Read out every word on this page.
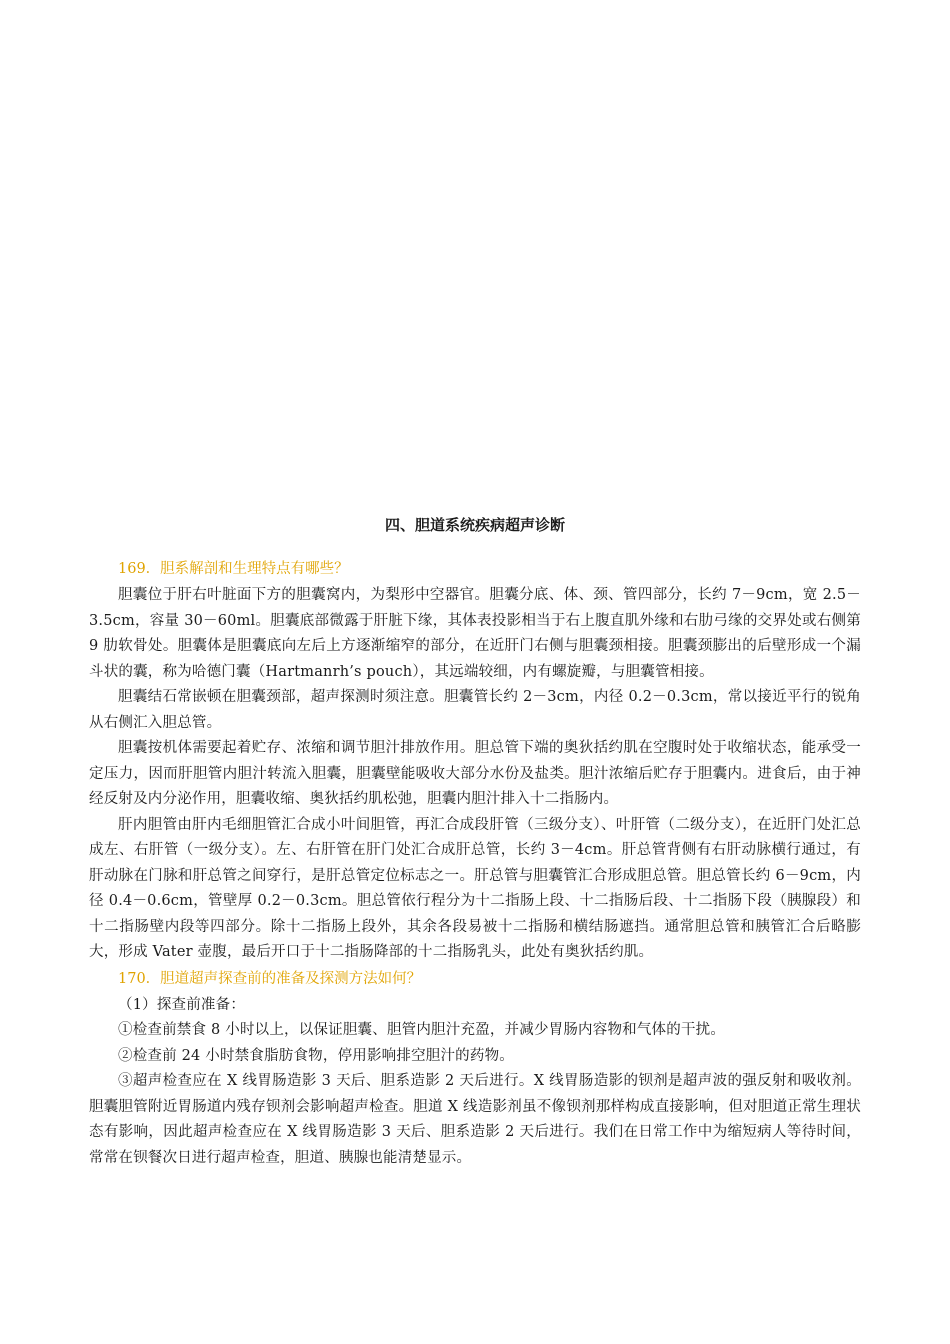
四、胆道系统疾病超声诊断

169．胆系解剖和生理特点有哪些？

胆囊位于肝右叶脏面下方的胆囊窝内，为梨形中空器官。胆囊分底、体、颈、管四部分，长约 7－9cm，宽 2.5－3.5cm，容量 30－60ml。胆囊底部微露于肝脏下缘，其体表投影相当于右上腹直肌外缘和右肋弓缘的交界处或右侧第 9 肋软骨处。胆囊体是胆囊底向左后上方逐渐缩窄的部分，在近肝门右侧与胆囊颈相接。胆囊颈膨出的后壁形成一个漏斗状的囊，称为哈德门囊（Hartmanrh’s pouch），其远端较细，内有螺旋瓣，与胆囊管相接。

胆囊结石常嵌顿在胆囊颈部，超声探测时须注意。胆囊管长约 2－3cm，内径 0.2－0.3cm，常以接近平行的锐角从右侧汇入胆总管。

胆囊按机体需要起着贮存、浓缩和调节胆汁排放作用。胆总管下端的奥狄括约肌在空腹时处于收缩状态，能承受一定压力，因而肝胆管内胆汁转流入胆囊，胆囊壁能吸收大部分水份及盐类。胆汁浓缩后贮存于胆囊内。进食后，由于神经反射及内分泌作用，胆囊收缩、奥狄括约肌松弛，胆囊内胆汁排入十二指肠内。

肝内胆管由肝内毛细胆管汇合成小叶间胆管，再汇合成段肝管（三级分支）、叶肝管（二级分支），在近肝门处汇总成左、右肝管（一级分支）。左、右肝管在肝门处汇合成肝总管，长约 3－4cm。肝总管背侧有右肝动脉横行通过，有肝动脉在门脉和肝总管之间穿行，是肝总管定位标志之一。肝总管与胆囊管汇合形成胆总管。胆总管长约 6－9cm，内径 0.4－0.6cm，管壁厚 0.2－0.3cm。胆总管依行程分为十二指肠上段、十二指肠后段、十二指肠下段（胰腺段）和十二指肠壁内段等四部分。除十二指肠上段外，其余各段易被十二指肠和横结肠遮挡。通常胆总管和胰管汇合后略膨大，形成 Vater 壶腹，最后开口于十二指肠降部的十二指肠乳头，此处有奥狄括约肌。

170．胆道超声探查前的准备及探测方法如何？

（1）探查前准备：

①检查前禁食 8 小时以上，以保证胆囊、胆管内胆汁充盈，并减少胃肠内容物和气体的干扰。

②检查前 24 小时禁食脂肪食物，停用影响排空胆汁的药物。

③超声检查应在 X 线胃肠造影 3 天后、胆系造影 2 天后进行。X 线胃肠造影的钡剂是超声波的强反射和吸收剂。胆囊胆管附近胃肠道内残存钡剂会影响超声检查。胆道 X 线造影剂虽不像钡剂那样构成直接影响，但对胆道正常生理状态有影响，因此超声检查应在 X 线胃肠造影 3 天后、胆系造影 2 天后进行。我们在日常工作中为缩短病人等待时间，常常在钡餐次日进行超声检查，胆道、胰腺也能清楚显示。
